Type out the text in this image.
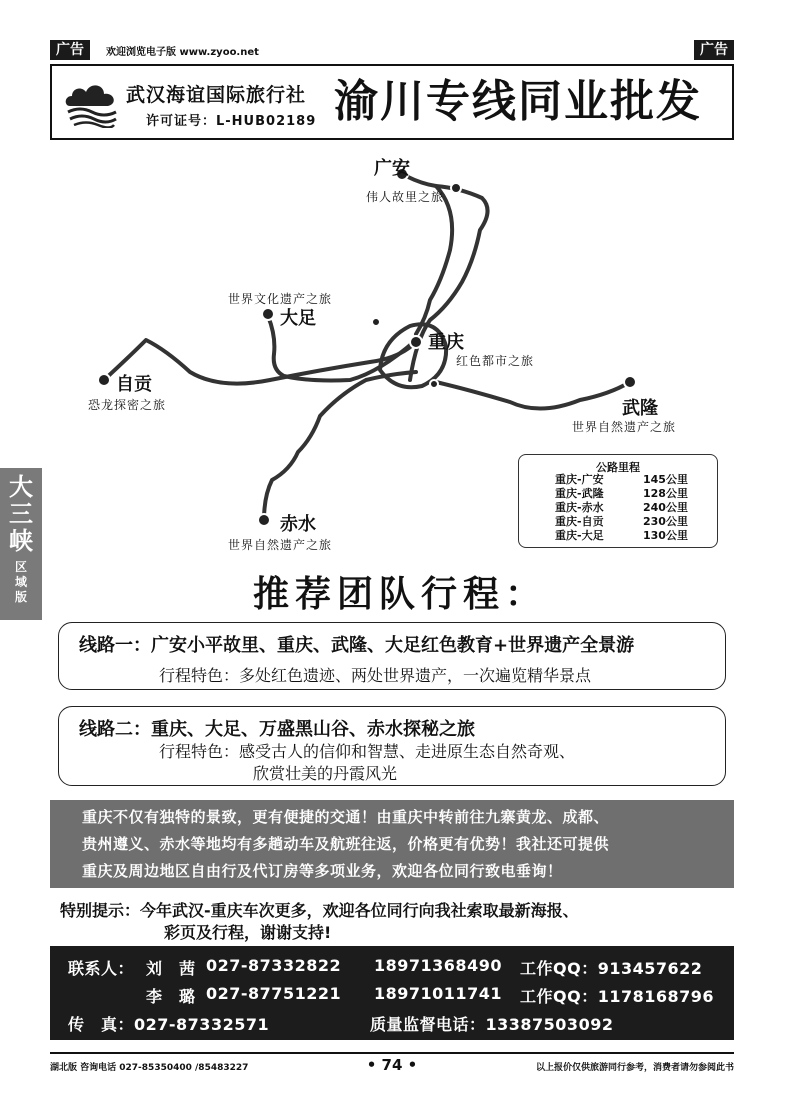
广告	欢迎浏览电子版 www.zyoo.net	广告
武汉海谊国际旅行社
许可证号：L-HUB02189 渝川专线同业批发
广安
伟人故里之旅
世界文化遗产之旅
大足
重庆
红色都市之旅
自贡
恐龙探密之旅	武隆
世界自然遗产之旅
赤水
世界自然遗产之旅
公路里程
重庆-广安	145公里
重庆-武隆	128公里
重庆-赤水	240公里
重庆-自贡	230公里
重庆-大足	130公里
大
三
峡
区
域
版	推荐团队行程：
线路一：广安小平故里、重庆、武隆、大足红色教育+世界遗产全景游
行程特色：多处红色遗迹、两处世界遗产，一次遍览精华景点
线路二：重庆、大足、万盛黑山谷、赤水探秘之旅
行程特色：感受古人的信仰和智慧、走进原生态自然奇观、
欣赏壮美的丹霞风光

重庆不仅有独特的景致，更有便捷的交通！由重庆中转前往九寨黄龙、成都、

贵州遵义、赤水等地均有多趟动车及航班往返，价格更有优势！我社还可提供

重庆及周边地区自由行及代订房等多项业务，欢迎各位同行致电垂询！

特别提示：今年武汉-重庆车次更多，欢迎各位同行向我社索取最新海报、
彩页及行程，谢谢支持!
联系人： 刘　茜 027-87332822 18971368490 工作QQ：913457622
李　璐 027-87751221 18971011741 工作QQ：1178168796
传　真：027-87332571	质量监督电话：13387503092
湖北版 咨询电话 027-85350400 /85483227	• 74 •	以上报价仅供旅游同行参考，消费者请勿参阅此书
